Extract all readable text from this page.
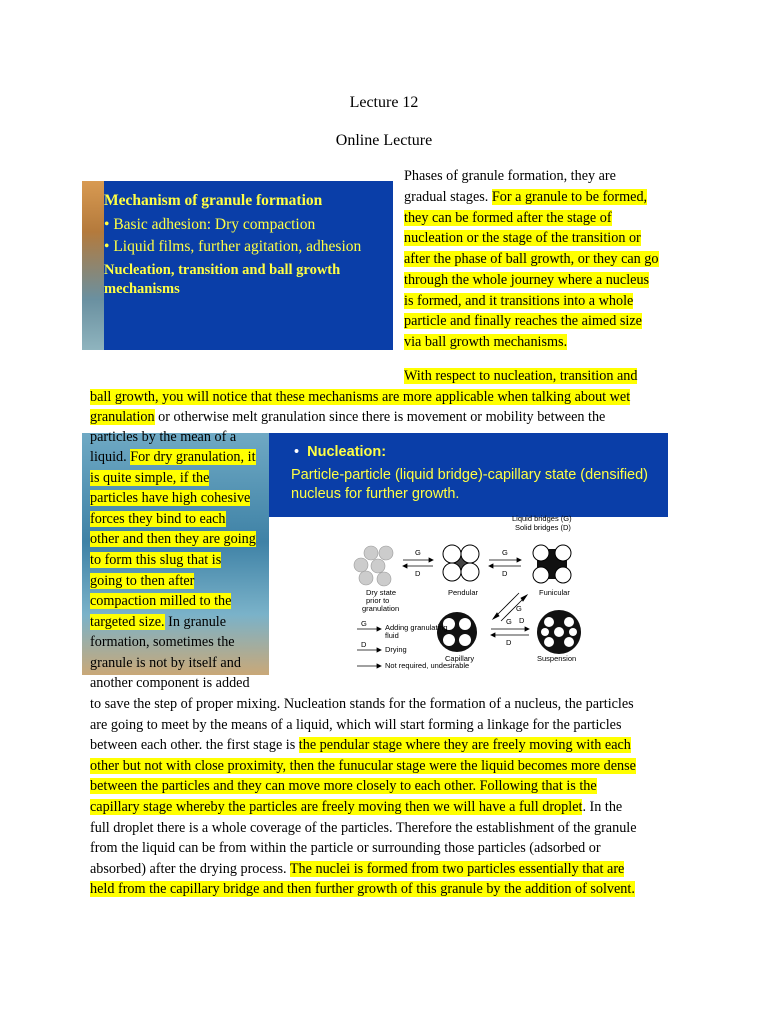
Lecture 12
Online Lecture
Mechanism of granule formation
• Basic adhesion: Dry compaction
• Liquid films, further agitation, adhesion
Nucleation, transition and ball growth
mechanisms
•  Nucleation:
Particle-particle (liquid bridge)-capillary state (densified)
nucleus for further growth.
Liquid bridges (G)
Solid bridges (D)
Dry state
prior to
granulation
G
D
Pendular
G
D
Funicular
G
D
Capillary
G
D
Suspension
G
D
Adding granulating
fluid
Drying
Not required, undesirable
Phases of granule formation, they are
gradual stages. For a granule to be formed,
they can be formed after the stage of
nucleation or the stage of the transition or
after the phase of ball growth, or they can go
through the whole journey where a nucleus
is formed, and it transitions into a whole
particle and finally reaches the aimed size
via ball growth mechanisms.
With respect to nucleation, transition and
ball growth, you will notice that these mechanisms are more applicable when talking about wet
granulation or otherwise melt granulation since there is movement or mobility between the
particles by the mean of a
liquid. For dry granulation, it
is quite simple, if the
particles have high cohesive
forces they bind to each
other and then they are going
to form this slug that is
going to then after
compaction milled to the
targeted size. In granule
formation, sometimes the
granule is not by itself and
another component is added
to save the step of proper mixing. Nucleation stands for the formation of a nucleus, the particles
are going to meet by the means of a liquid, which will start forming a linkage for the particles
between each other. the first stage is the pendular stage where they are freely moving with each
other but not with close proximity, then the funucular stage were the liquid becomes more dense
between the particles and they can move more closely to each other. Following that is the
capillary stage whereby the particles are freely moving then we will have a full droplet. In the
full droplet there is a whole coverage of the particles. Therefore the establishment of the granule
from the liquid can be from within the particle or surrounding those particles (adsorbed or
absorbed) after the drying process. The nuclei is formed from two particles essentially that are
held from the capillary bridge and then further growth of this granule by the addition of solvent.
